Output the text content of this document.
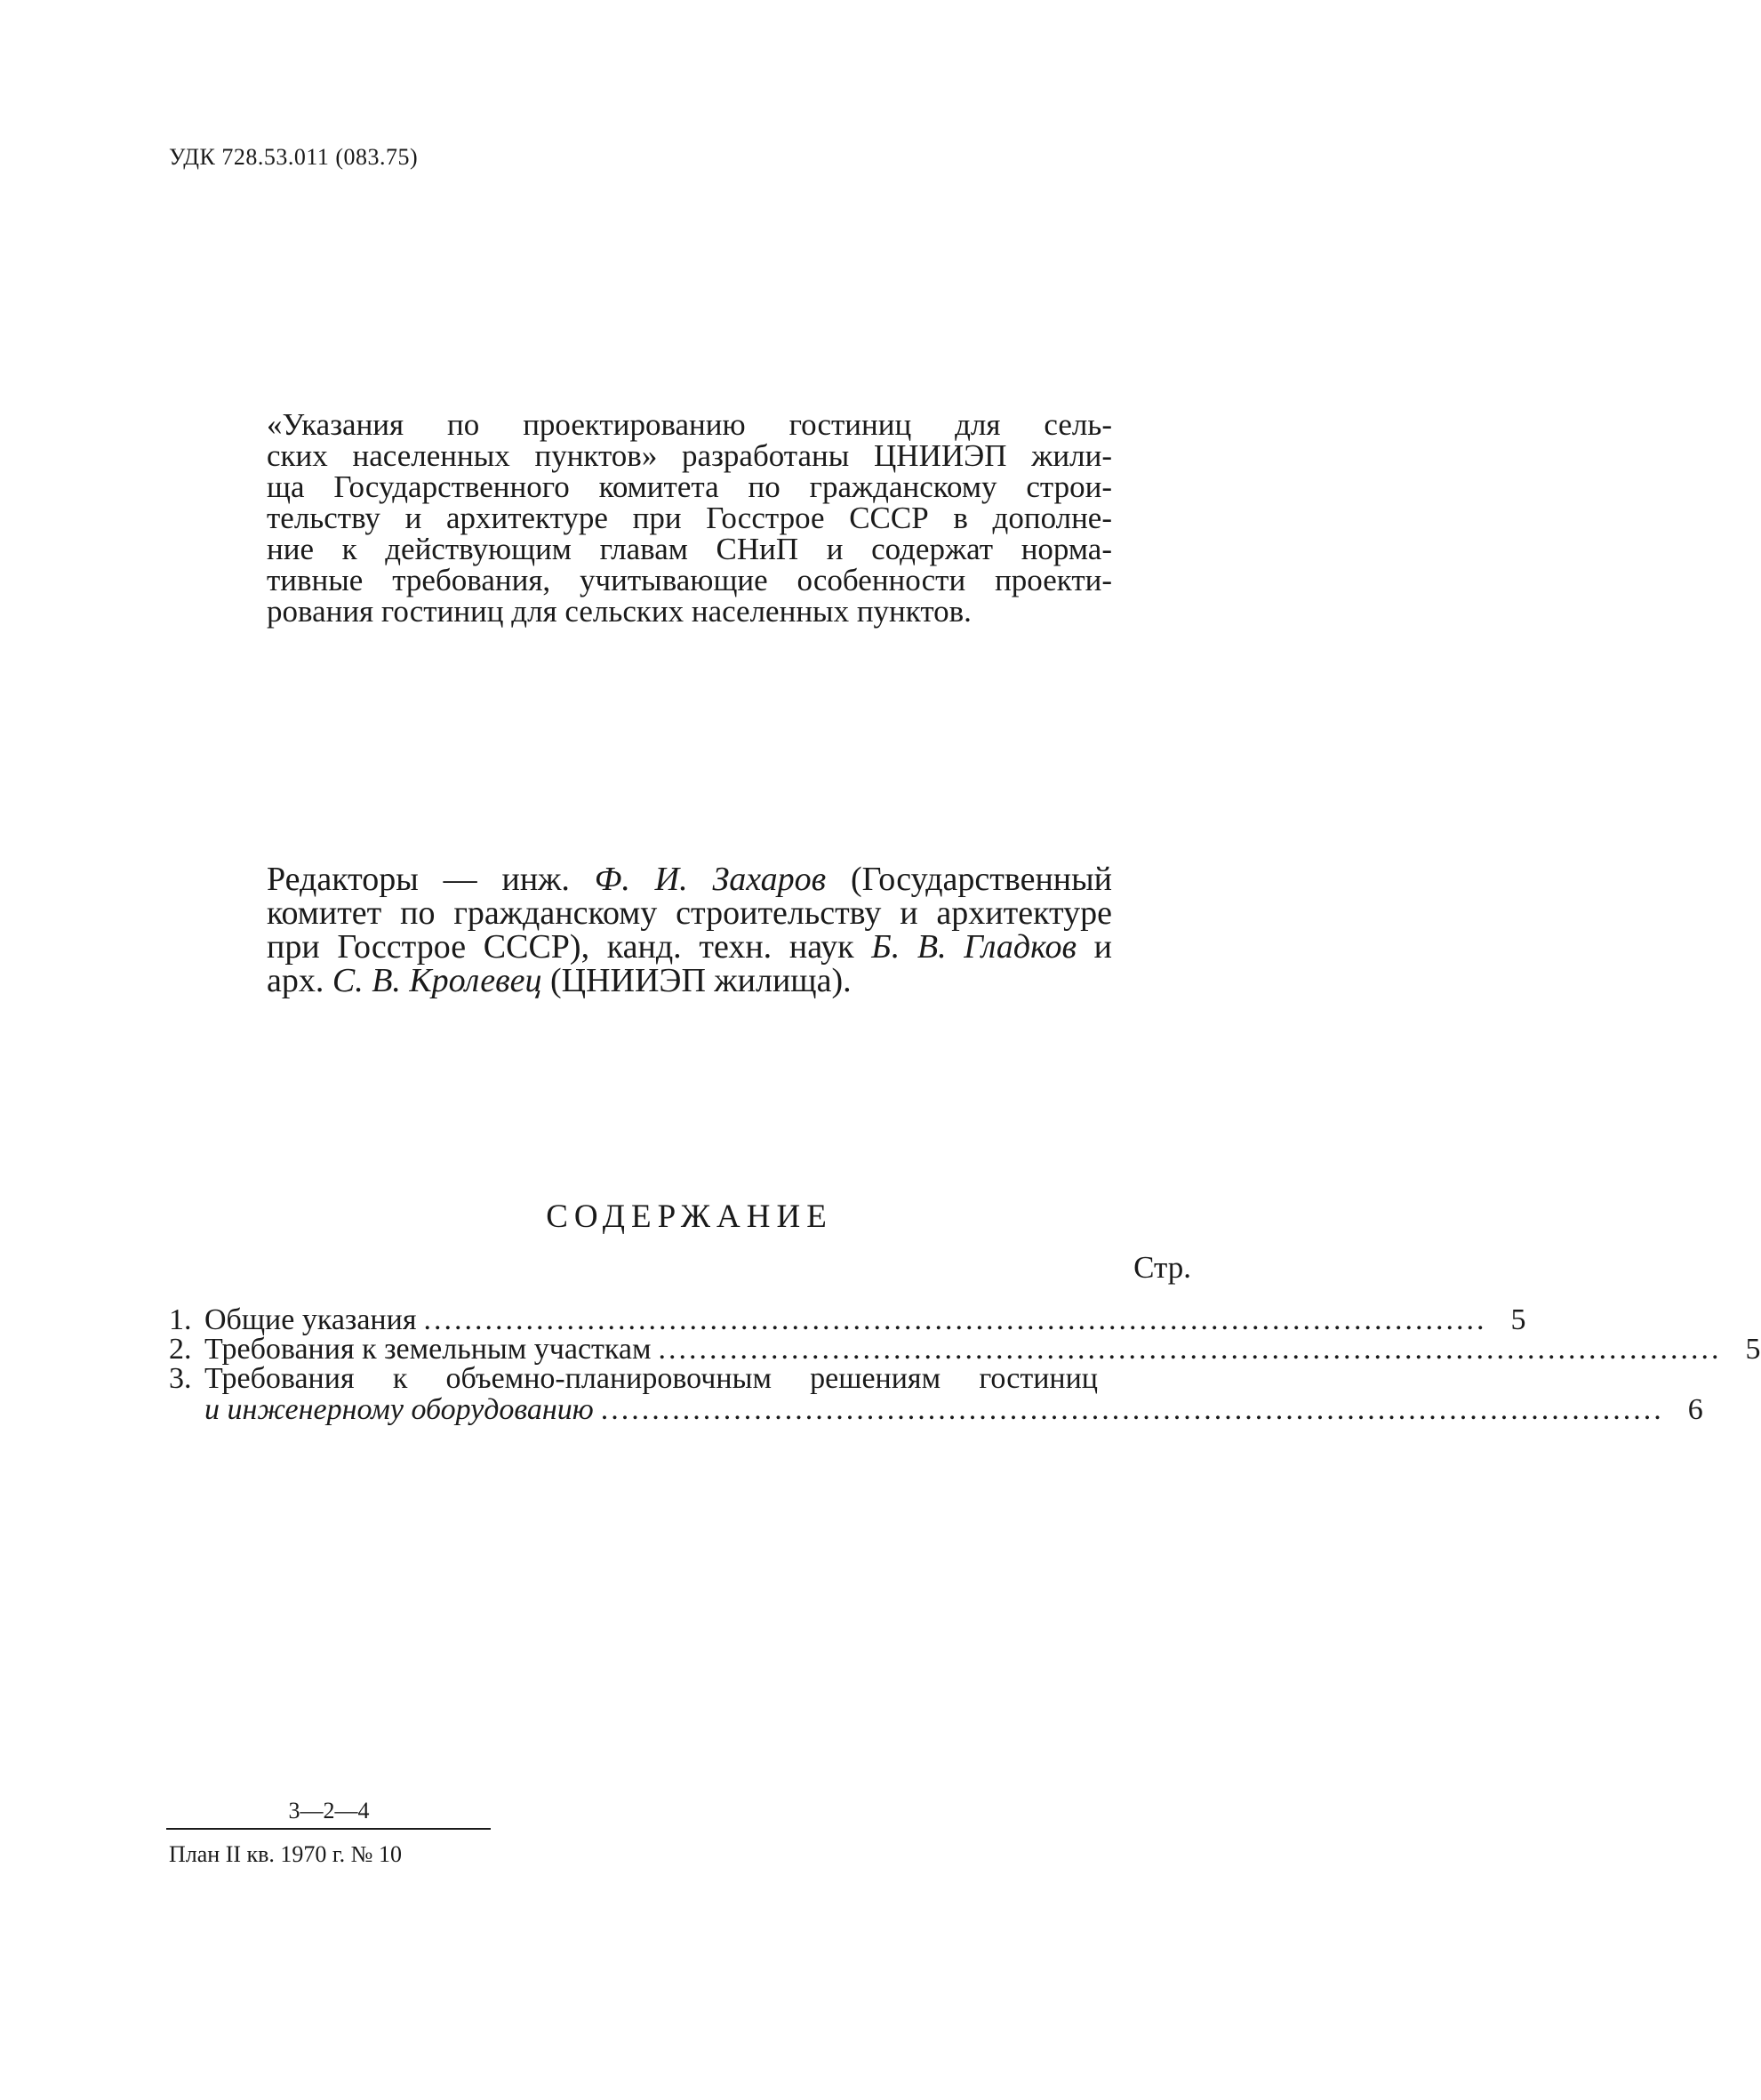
УДК 728.53.011 (083.75)
«Указания по проектированию гостиниц для сель-
ских населенных пунктов» разработаны ЦНИИЭП жили-
ща Государственного комитета по гражданскому строи-
тельству и архитектуре при Госстрое СССР в дополне-
ние к действующим главам СНиП и содержат норма-
тивные требования, учитывающие особенности проекти-
рования гостиниц для сельских населенных пунктов.
Редакторы — инж. Ф. И. Захаров (Государственный
комитет по гражданскому строительству и архитектуре
при Госстрое СССР), канд. техн. наук Б. В. Гладков и
арх. С. В. Кролевец (ЦНИИЭП жилища).
СОДЕРЖАНИЕ
Стр.
1. Общие указания ........................................................................................................ 5
2. Требования к земельным участкам ........................................................................................................ 5
3. Требования к объемно-планировочным решениям гостиниц
и инженерному оборудованию ........................................................................................................ 6
3—2—4
План II кв. 1970 г. № 10
